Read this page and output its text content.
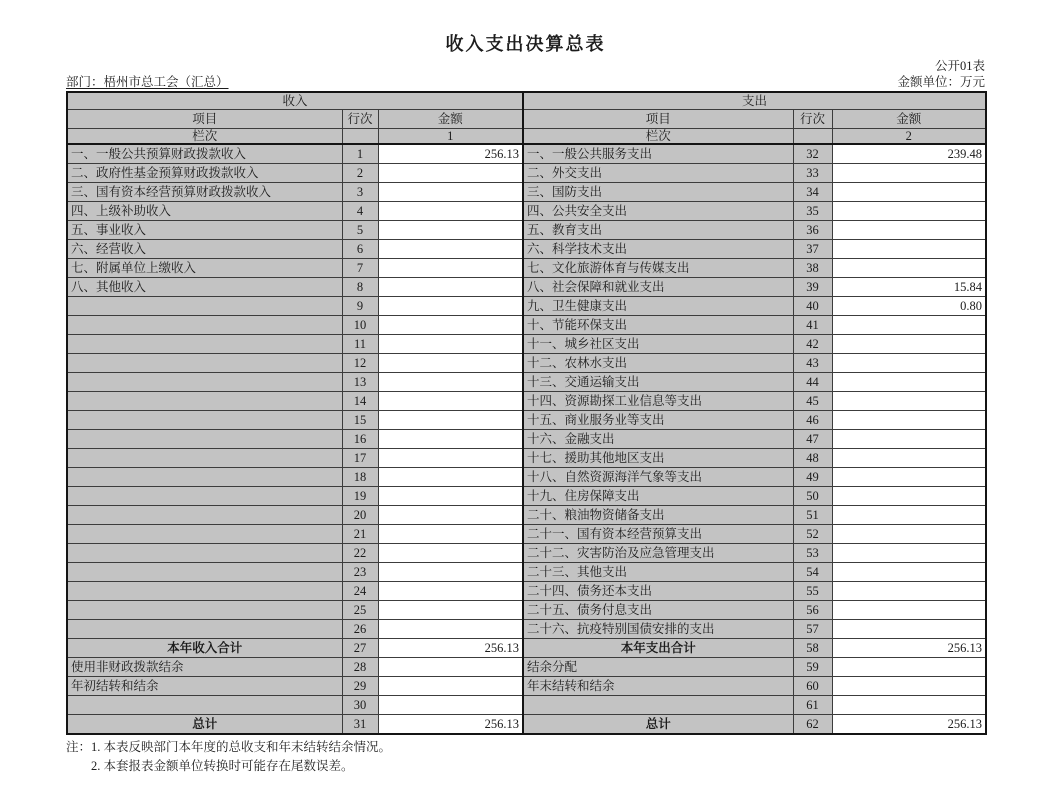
收入支出决算总表
公开01表
部门：梧州市总工会（汇总）	金额单位：万元
收入			支出		
项目	行次	金额	项目	行次	金额
栏次		1	栏次		2
一、一般公共预算财政拨款收入	1	256.13	一、一般公共服务支出	32	239.48
二、政府性基金预算财政拨款收入	2		二、外交支出	33	
三、国有资本经营预算财政拨款收入	3		三、国防支出	34	
四、上级补助收入	4		四、公共安全支出	35	
五、事业收入	5		五、教育支出	36	
六、经营收入	6		六、科学技术支出	37	
七、附属单位上缴收入	7		七、文化旅游体育与传媒支出	38	
八、其他收入	8		八、社会保障和就业支出	39	15.84
	9		九、卫生健康支出	40	0.80
	10		十、节能环保支出	41	
	11		十一、城乡社区支出	42	
	12		十二、农林水支出	43	
	13		十三、交通运输支出	44	
	14		十四、资源勘探工业信息等支出	45	
	15		十五、商业服务业等支出	46	
	16		十六、金融支出	47	
	17		十七、援助其他地区支出	48	
	18		十八、自然资源海洋气象等支出	49	
	19		十九、住房保障支出	50	
	20		二十、粮油物资储备支出	51	
	21		二十一、国有资本经营预算支出	52	
	22		二十二、灾害防治及应急管理支出	53	
	23		二十三、其他支出	54	
	24		二十四、债务还本支出	55	
	25		二十五、债务付息支出	56	
	26		二十六、抗疫特别国债安排的支出	57	
本年收入合计	27	256.13	本年支出合计	58	256.13
使用非财政拨款结余	28		结余分配	59	
年初结转和结余	29		年末结转和结余	60	
	30			61	
总计	31	256.13	总计	62	256.13
注：1. 本表反映部门本年度的总收支和年末结转结余情况。
2. 本套报表金额单位转换时可能存在尾数误差。
